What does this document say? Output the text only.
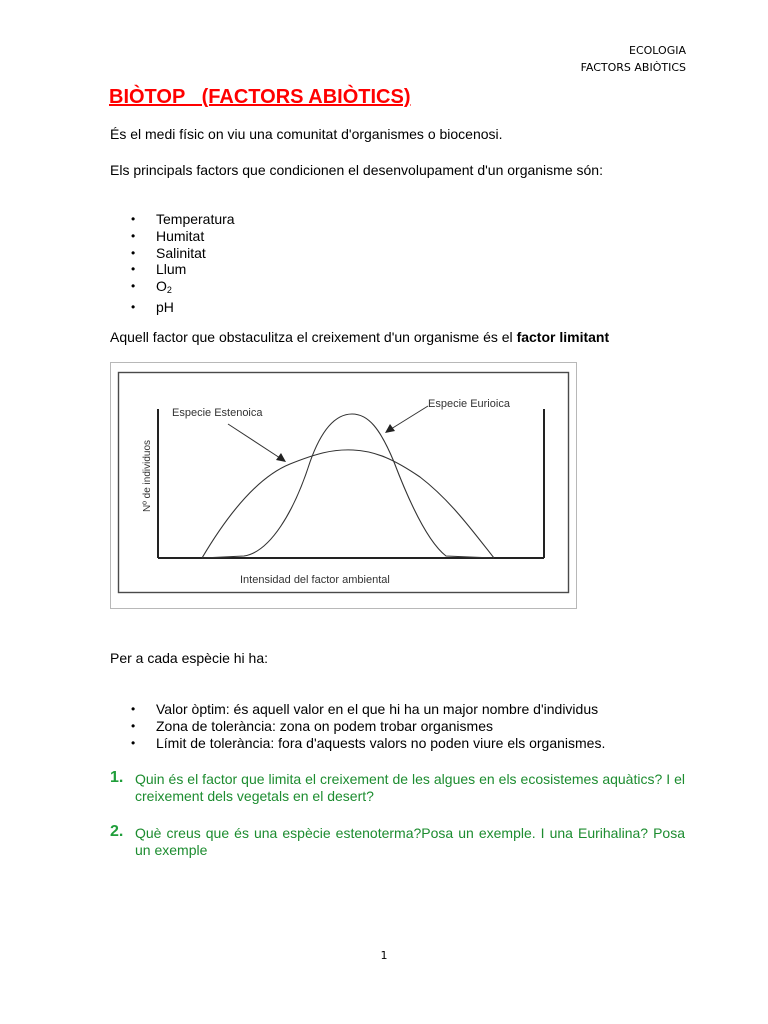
ECOLOGIA
FACTORS ABIÒTICS
BIÒTOP   (FACTORS ABIÒTICS)

És el medi físic on viu una comunitat d'organismes o biocenosi.

Els principals factors que condicionen el desenvolupament d'un organisme són:

• Temperatura
• Humitat
• Salinitat
• Llum
• $O_2$
• pH

Aquell factor que obstaculitza el creixement d'un organisme és el factor limitant

Especie Estenoica
Especie Eurioica
Nº de individuos
Intensidad del factor ambiental

Per a cada espècie hi ha:

• Valor òptim: és aquell valor en el que hi ha un major nombre d'individus
• Zona de tolerància: zona on podem trobar organismes
• Límit de tolerància: fora d'aquests valors no poden viure els organismes.
1. Quin és el factor que limita el creixement de les algues en els ecosistemes aquàtics? I el creixement dels vegetals en el desert?
2. Què creus que és una espècie estenoterma?Posa un exemple. I una Eurihalina? Posa un exemple
1
